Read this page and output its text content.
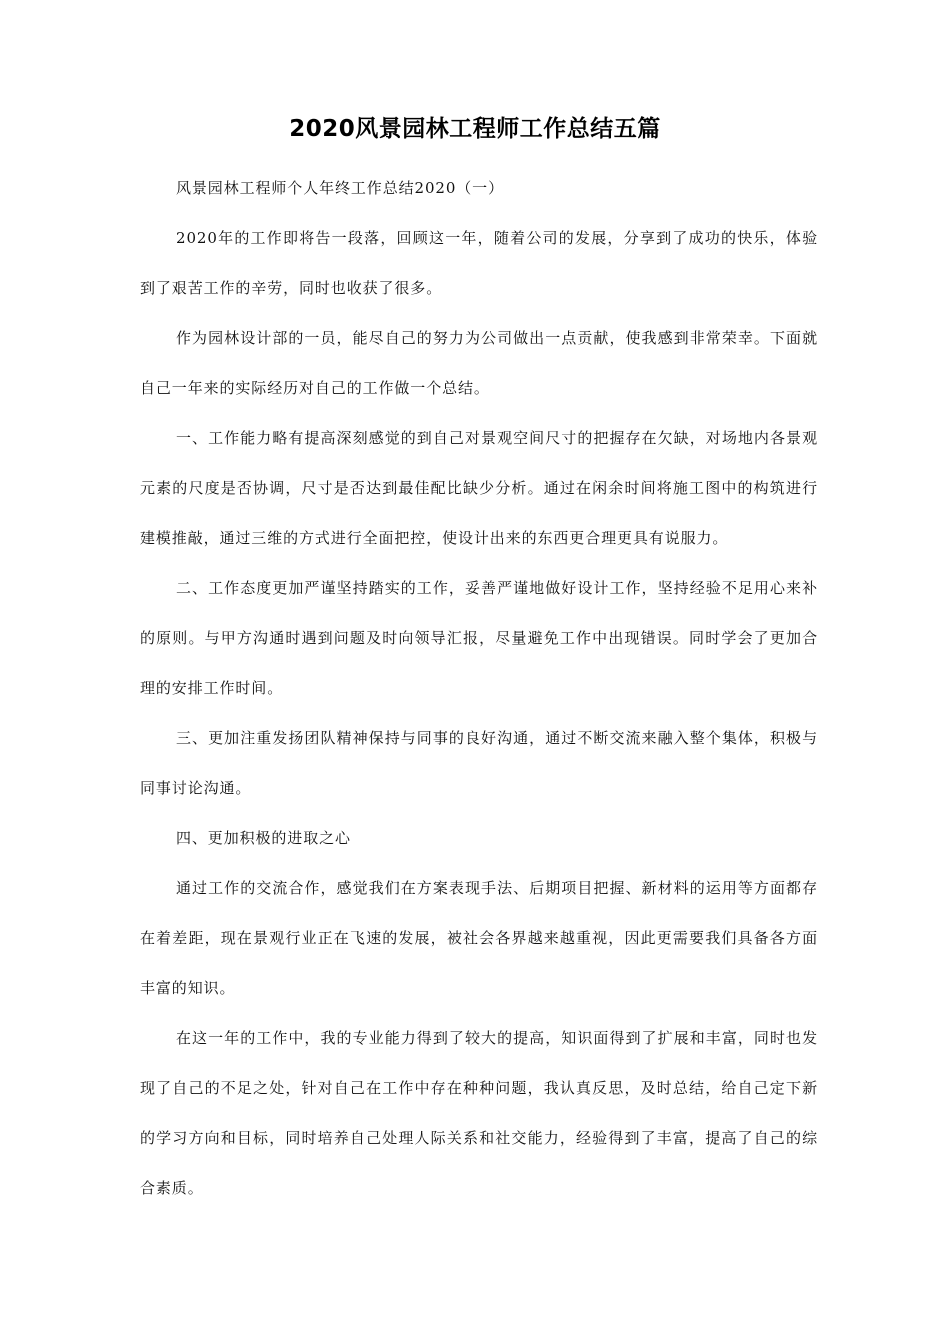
2020风景园林工程师工作总结五篇

风景园林工程师个人年终工作总结2020（一）

2020年的工作即将告一段落，回顾这一年，随着公司的发展，分享到了成功的快乐，体验到了艰苦工作的辛劳，同时也收获了很多。

作为园林设计部的一员，能尽自己的努力为公司做出一点贡献，使我感到非常荣幸。下面就自己一年来的实际经历对自己的工作做一个总结。

一、工作能力略有提高深刻感觉的到自己对景观空间尺寸的把握存在欠缺，对场地内各景观元素的尺度是否协调，尺寸是否达到最佳配比缺少分析。通过在闲余时间将施工图中的构筑进行建模推敲，通过三维的方式进行全面把控，使设计出来的东西更合理更具有说服力。

二、工作态度更加严谨坚持踏实的工作，妥善严谨地做好设计工作，坚持经验不足用心来补的原则。与甲方沟通时遇到问题及时向领导汇报，尽量避免工作中出现错误。同时学会了更加合理的安排工作时间。

三、更加注重发扬团队精神保持与同事的良好沟通，通过不断交流来融入整个集体，积极与同事讨论沟通。

四、更加积极的进取之心

通过工作的交流合作，感觉我们在方案表现手法、后期项目把握、新材料的运用等方面都存在着差距，现在景观行业正在飞速的发展，被社会各界越来越重视，因此更需要我们具备各方面丰富的知识。

在这一年的工作中，我的专业能力得到了较大的提高，知识面得到了扩展和丰富，同时也发现了自己的不足之处，针对自己在工作中存在种种问题，我认真反思，及时总结，给自己定下新的学习方向和目标，同时培养自己处理人际关系和社交能力，经验得到了丰富，提高了自己的综合素质。
